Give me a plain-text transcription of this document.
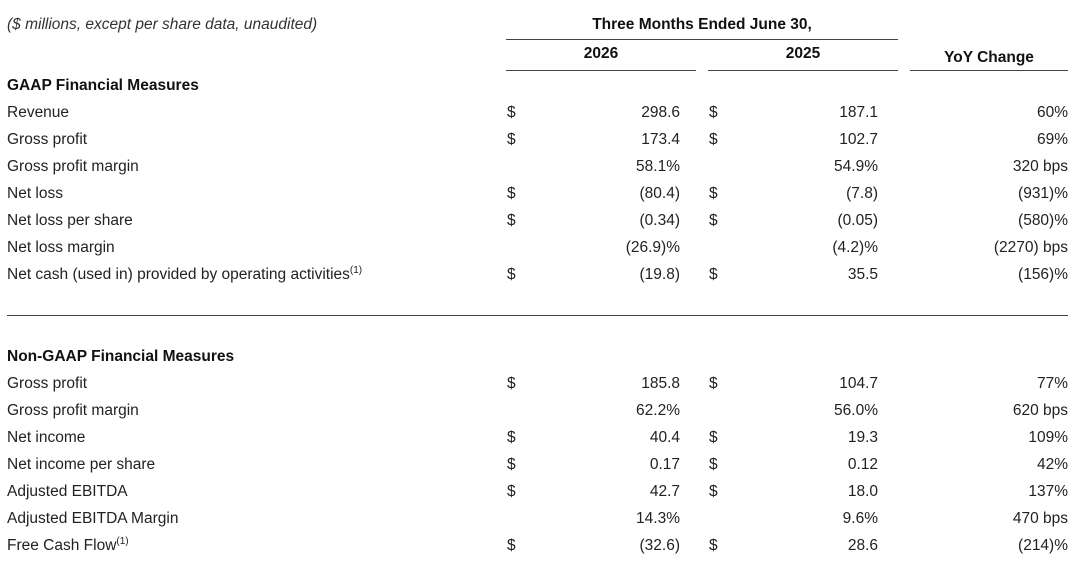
($ millions, except per share data, unaudited)	Three Months Ended June 30,
2026	2025	YoY Change
GAAP Financial Measures
Revenue	$	298.6 $	187.1	60%
Gross profit	$	173.4 $	102.7	69%
Gross profit margin	58.1%	54.9%	320 bps
Net loss	$	(80.4) $	(7.8)	(931)%
Net loss per share	$	(0.34) $	(0.05)	(580)%
Net loss margin	(26.9)%	(4.2)%	(2270) bps
Net cash (used in) provided by operating activities$^{(1)}$	$	(19.8) $	35.5	(156)%
Non-GAAP Financial Measures
Gross profit	$	185.8 $	104.7	77%
Gross profit margin	62.2%	56.0%	620 bps
Net income	$	40.4 $	19.3	109%
Net income per share	$	0.17 $	0.12	42%
Adjusted EBITDA	$	42.7 $	18.0	137%
Adjusted EBITDA Margin	14.3%	9.6%	470 bps
Free Cash Flow$^{(1)}$	$	(32.6) $	28.6	(214)%
